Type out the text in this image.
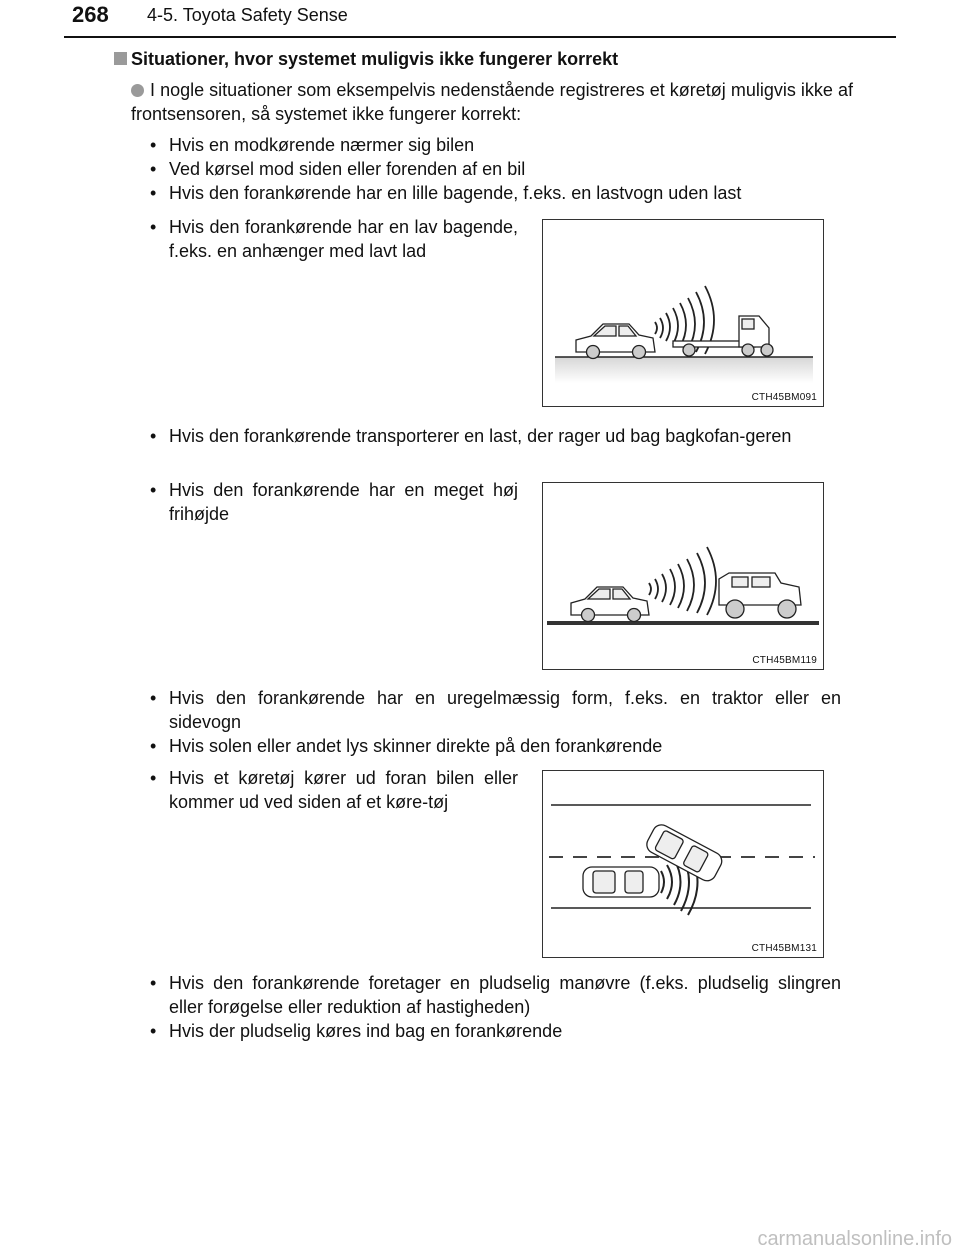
268 4-5. Toyota Safety Sense
Situationer, hvor systemet muligvis ikke fungerer korrekt
I nogle situationer som eksempelvis nedenstående registreres et køretøj muligvis ikke af frontsensoren, så systemet ikke fungerer korrekt:
• Hvis en modkørende nærmer sig bilen
• Ved kørsel mod siden eller forenden af en bil
• Hvis den forankørende har en lille bagende, f.eks. en lastvogn uden last
• Hvis den forankørende har en lav bagende, f.eks. en anhænger med lavt lad
CTH45BM091
• Hvis den forankørende transporterer en last, der rager ud bag bagkofan-geren
• Hvis den forankørende har en meget høj frihøjde
CTH45BM119
• Hvis den forankørende har en uregelmæssig form, f.eks. en traktor eller en sidevogn
• Hvis solen eller andet lys skinner direkte på den forankørende
• Hvis et køretøj kører ud foran bilen eller kommer ud ved siden af et køre-tøj
CTH45BM131
• Hvis den forankørende foretager en pludselig manøvre (f.eks. pludselig slingren eller forøgelse eller reduktion af hastigheden)
• Hvis der pludselig køres ind bag en forankørende
carmanualsonline.info
